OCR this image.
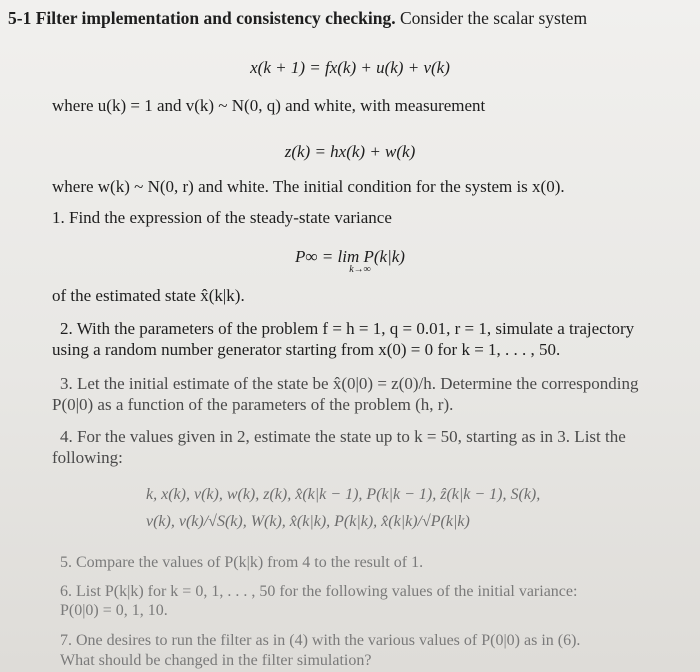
5-1 Filter implementation and consistency checking. Consider the scalar system
x(k + 1) = fx(k) + u(k) + v(k)
where u(k) = 1 and v(k) ~ N(0, q) and white, with measurement
z(k) = hx(k) + w(k)
where w(k) ~ N(0, r) and white. The initial condition for the system is x(0).
1. Find the expression of the steady-state variance
P∞ = lim P(k|k)
k→∞
of the estimated state x̂(k|k).
2. With the parameters of the problem f = h = 1, q = 0.01, r = 1, simulate a trajectory
using a random number generator starting from x(0) = 0 for k = 1, . . . , 50.
3. Let the initial estimate of the state be x̂(0|0) = z(0)/h. Determine the corresponding
P(0|0) as a function of the parameters of the problem (h, r).
4. For the values given in 2, estimate the state up to k = 50, starting as in 3. List the
following:
k, x(k), v(k), w(k), z(k), x̂(k|k − 1), P(k|k − 1), ẑ(k|k − 1), S(k),
ν(k), ν(k)/√S(k), W(k), x̂(k|k), P(k|k), x̂(k|k)/√P(k|k)
5. Compare the values of P(k|k) from 4 to the result of 1.
6. List P(k|k) for k = 0, 1, . . . , 50 for the following values of the initial variance:
P(0|0) = 0, 1, 10.
7. One desires to run the filter as in (4) with the various values of P(0|0) as in (6).
What should be changed in the filter simulation?
